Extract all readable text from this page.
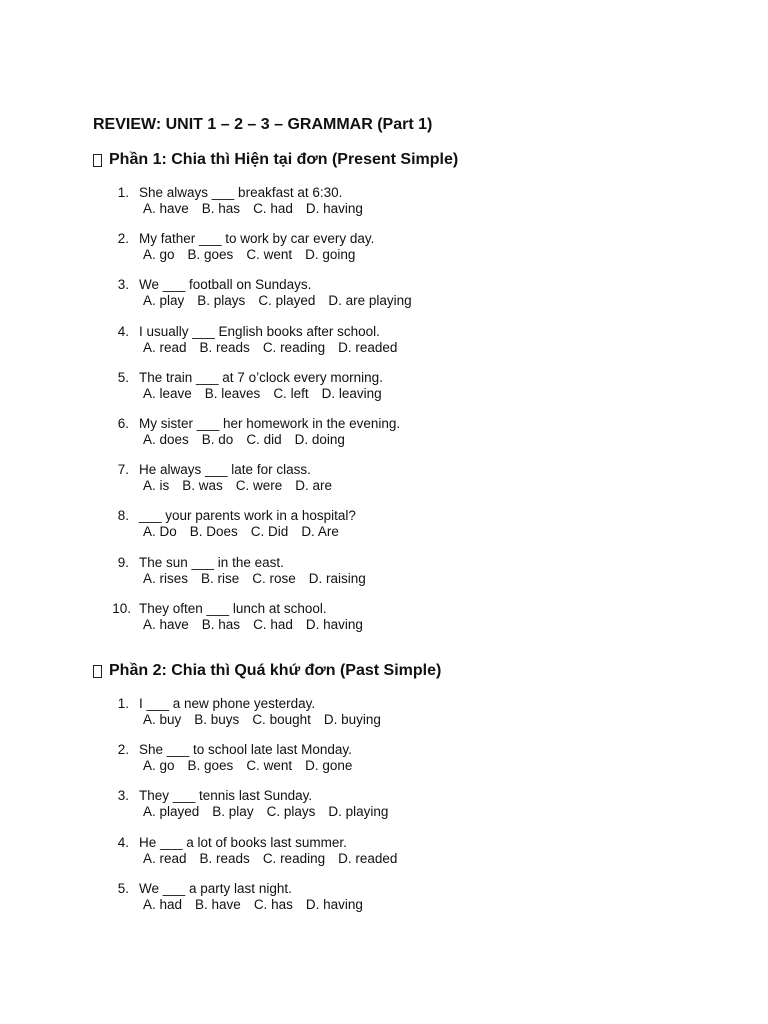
REVIEW: UNIT 1 – 2 – 3 – GRAMMAR (Part 1)
Phần 1: Chia thì Hiện tại đơn (Present Simple)
1. She always ___ breakfast at 6:30.
A. have B. has C. had D. having
2. My father ___ to work by car every day.
A. go B. goes C. went D. going
3. We ___ football on Sundays.
A. play B. plays C. played D. are playing
4. I usually ___ English books after school.
A. read B. reads C. reading D. readed
5. The train ___ at 7 o’clock every morning.
A. leave B. leaves C. left D. leaving
6. My sister ___ her homework in the evening.
A. does B. do C. did D. doing
7. He always ___ late for class.
A. is B. was C. were D. are
8. ___ your parents work in a hospital?
A. Do B. Does C. Did D. Are
9. The sun ___ in the east.
A. rises B. rise C. rose D. raising
10. They often ___ lunch at school.
A. have B. has C. had D. having
Phần 2: Chia thì Quá khứ đơn (Past Simple)
1. I ___ a new phone yesterday.
A. buy B. buys C. bought D. buying
2. She ___ to school late last Monday.
A. go B. goes C. went D. gone
3. They ___ tennis last Sunday.
A. played B. play C. plays D. playing
4. He ___ a lot of books last summer.
A. read B. reads C. reading D. readed
5. We ___ a party last night.
A. had B. have C. has D. having
